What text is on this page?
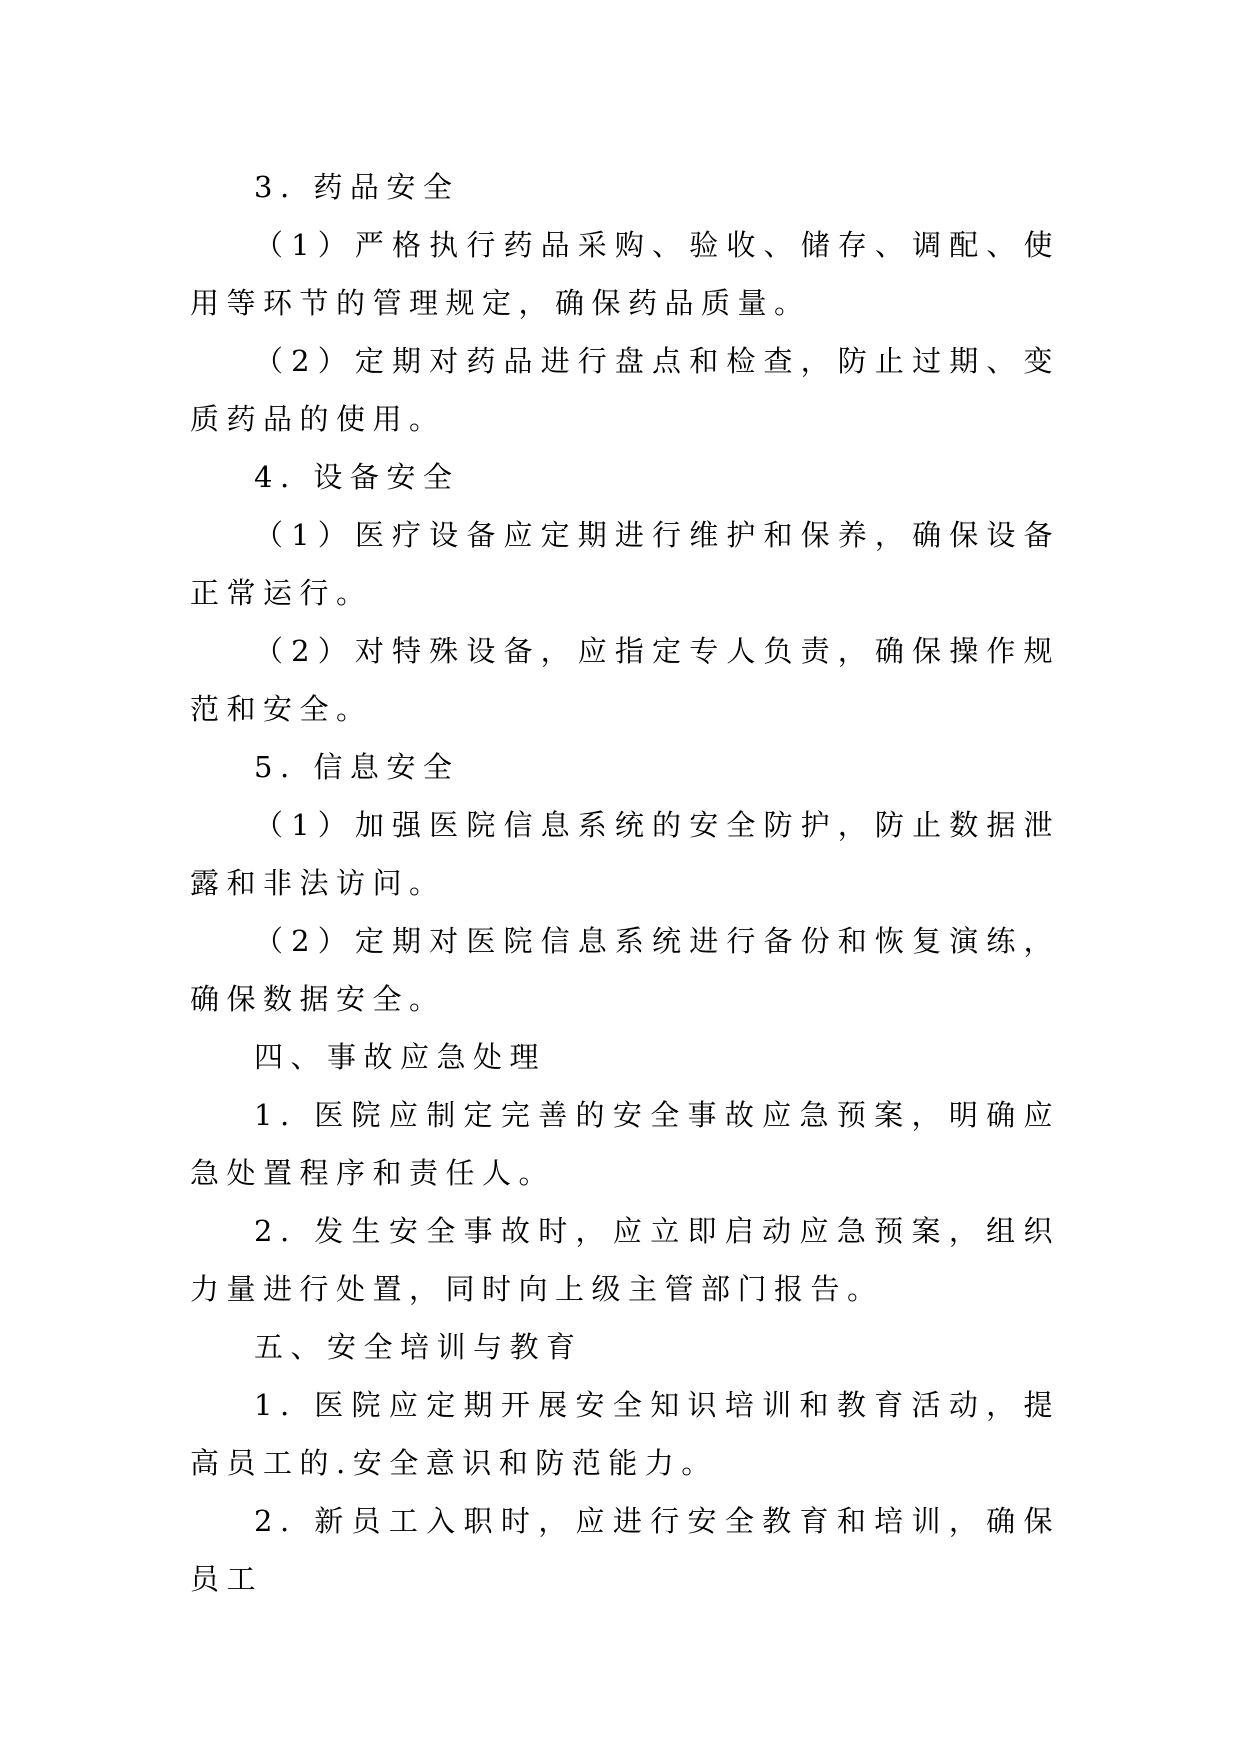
3. 药品安全

（1）严格执行药品采购、验收、储存、调配、使用等环节的管理规定，确保药品质量。

（2）定期对药品进行盘点和检查，防止过期、变质药品的使用。

4. 设备安全

（1）医疗设备应定期进行维护和保养，确保设备正常运行。

（2）对特殊设备，应指定专人负责，确保操作规范和安全。

5. 信息安全

（1）加强医院信息系统的安全防护，防止数据泄露和非法访问。

（2）定期对医院信息系统进行备份和恢复演练，确保数据安全。

四、事故应急处理

1. 医院应制定完善的安全事故应急预案，明确应急处置程序和责任人。

2. 发生安全事故时，应立即启动应急预案，组织力量进行处置，同时向上级主管部门报告。

五、安全培训与教育

1. 医院应定期开展安全知识培训和教育活动，提高员工的.安全意识和防范能力。

2. 新员工入职时，应进行安全教育和培训，确保员工
